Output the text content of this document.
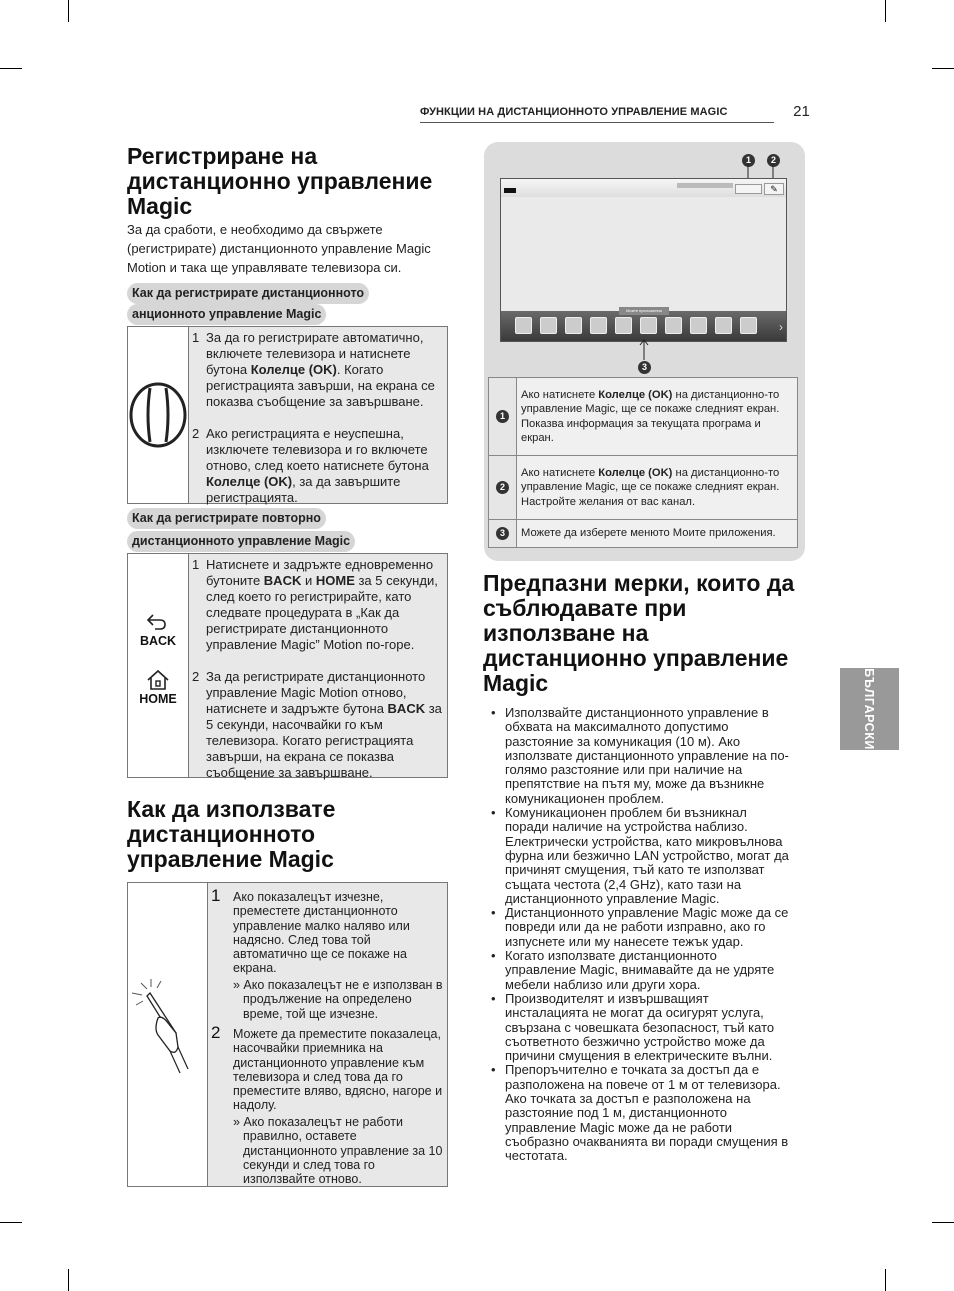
ФУНКЦИИ НА ДИСТАНЦИОННОТО УПРАВЛЕНИЕ MAGIC	21
Регистриране на дистанционно управление Magic

За да сработи, е необходимо да свържете (регистрирате) дистанционното управление Magic Motion и така ще управлявате телевизора си.

Как да регистрирате дистанционното
анционното управление Magic
1 За да го регистрирате автоматично, включете телевизора и натиснете бутона Колелце (OK). Когато регистрацията завърши, на екрана се показва съобщение за завършване.
2 Ако регистрацията е неуспешна, изключете телевизора и го включете отново, след което натиснете бутона Колелце (OK), за да завършите регистрацията.
Как да регистрирате повторно
дистанционното управление Magic
BACK
HOME
1 Натиснете и задръжте едновременно бутоните BACK и HOME за 5 секунди, след което го регистрирайте, като следвате процедурата в „Как да регистрирате дистанционното управление Magic” Motion по-горе.
2 За да регистрирате дистанционното управление Magic Motion отново, натиснете и задръжте бутона BACK за 5 секунди, насочвайки го към телевизора. Когато регистрацията завърши, на екрана се показва съобщение за завършване.
Как да използвате дистанционното управление Magic
1 Ако показалецът изчезне, преместете дистанционното управление малко наляво или надясно. След това той автоматично ще се покаже на екрана.
» Ако показалецът не е използван в продължение на определено време, той ще изчезне.
2 Можете да преместите показалеца, насочвайки приемника на дистанционното управление към телевизора и след това да го преместите вляво, вдясно, нагоре и надолу.
» Ако показалецът не работи правилно, оставете дистанционното управление за 10 секунди и след това го използвайте отново.
1	2
✎
Моите приложения
›
3
1	Ако натиснете Колелце (OK) на дистанционно-то управление Magic, ще се покаже следният екран.
Показва информация за текущата програма и екран.
2	Ако натиснете Колелце (OK) на дистанционно-то управление Magic, ще се покаже следният екран.
Настройте желания от вас канал.
3	Можете да изберете менюто Моите приложения.
Предпазни мерки, които да съблюдавате при използване на дистанционно управление Magic
• Използвайте дистанционното управление в обхвата на максималното допустимо разстояние за комуникация (10 м). Ако използвате дистанционното управление на по-голямо разстояние или при наличие на препятствие на пътя му, може да възникне комуникационен проблем.
• Комуникационен проблем би възникнал поради наличие на устройства наблизо. Електрически устройства, като микровълнова фурна или безжично LAN устройство, могат да причинят смущения, тъй като те използват същата честота (2,4 GHz), като тази на дистанционното управление Magic.
• Дистанционното управление Magic може да се повреди или да не работи изправно, ако го изпуснете или му нанесете тежък удар.
• Когато използвате дистанционното управление Magic, внимавайте да не удряте мебели наблизо или други хора.
• Производителят и извършващият инсталацията не могат да осигурят услуга, свързана с човешката безопасност, тъй като съответното безжично устройство може да причини смущения в електрическите вълни.
• Препоръчително е точката за достъп да е разположена на повече от 1 м от телевизора. Ако точката за достъп е разположена на разстояние под 1 м, дистанционното управление Magic може да не работи съобразно очакванията ви поради смущения в честотата.
БЪЛГАРСКИ
